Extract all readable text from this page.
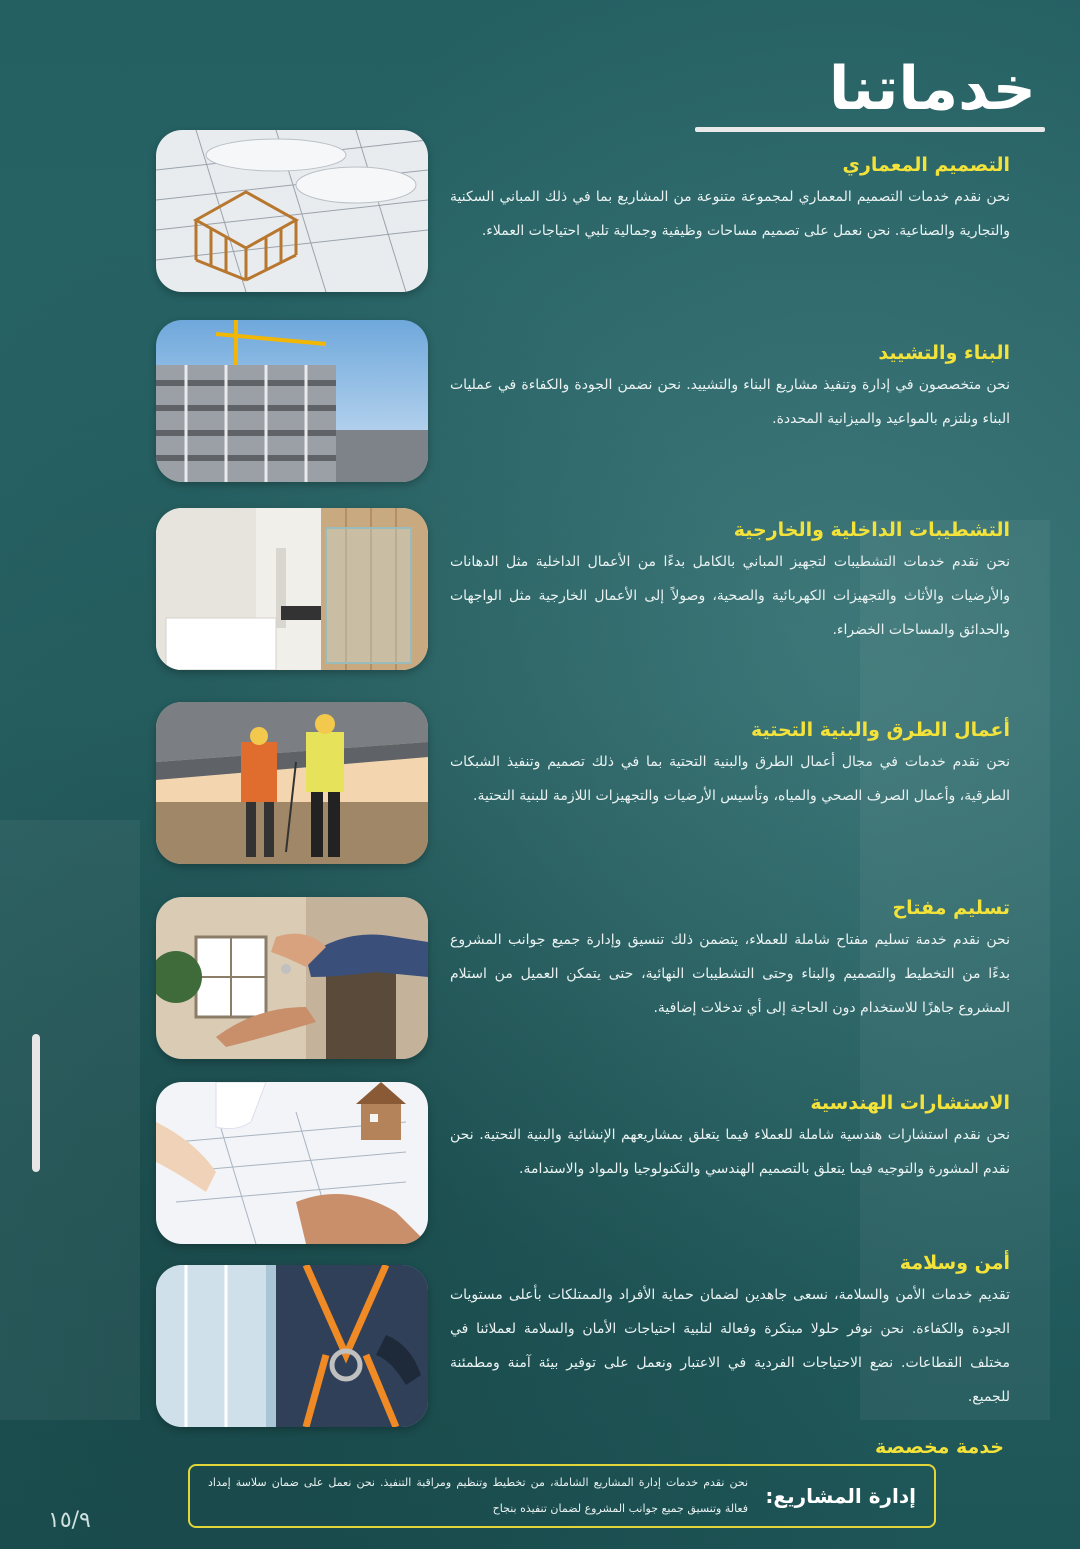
خدماتنا

التصميم المعماري

نحن نقدم خدمات التصميم المعماري لمجموعة متنوعة من المشاريع بما في ذلك المباني السكنية والتجارية والصناعية. نحن نعمل على تصميم مساحات وظيفية وجمالية تلبي احتياجات العملاء.

البناء والتشييد

نحن متخصصون في إدارة وتنفيذ مشاريع البناء والتشييد. نحن نضمن الجودة والكفاءة في عمليات البناء ونلتزم بالمواعيد والميزانية المحددة.

التشطيبات الداخلية والخارجية

نحن نقدم خدمات التشطيبات لتجهيز المباني بالكامل بدءًا من الأعمال الداخلية مثل الدهانات والأرضيات والأثاث والتجهيزات الكهربائية والصحية، وصولاً إلى الأعمال الخارجية مثل الواجهات والحدائق والمساحات الخضراء.

أعمال الطرق والبنية التحتية

نحن نقدم خدمات في مجال أعمال الطرق والبنية التحتية بما في ذلك تصميم وتنفيذ الشبكات الطرقية، وأعمال الصرف الصحي والمياه، وتأسيس الأرضيات والتجهيزات اللازمة للبنية التحتية.

تسليم مفتاح

نحن نقدم خدمة تسليم مفتاح شاملة للعملاء، يتضمن ذلك تنسيق وإدارة جميع جوانب المشروع بدءًا من التخطيط والتصميم والبناء وحتى التشطيبات النهائية، حتى يتمكن العميل من استلام المشروع جاهزًا للاستخدام دون الحاجة إلى أي تدخلات إضافية.

الاستشارات الهندسية

نحن نقدم استشارات هندسية شاملة للعملاء فيما يتعلق بمشاريعهم الإنشائية والبنية التحتية. نحن نقدم المشورة والتوجيه فيما يتعلق بالتصميم الهندسي والتكنولوجيا والمواد والاستدامة.

أمن وسلامة

تقديم خدمات الأمن والسلامة، نسعى جاهدين لضمان حماية الأفراد والممتلكات بأعلى مستويات الجودة والكفاءة. نحن نوفر حلولا مبتكرة وفعالة لتلبية احتياجات الأمان والسلامة لعملائنا في مختلف القطاعات. نضع الاحتياجات الفردية في الاعتبار ونعمل على توفير بيئة آمنة ومطمئنة للجميع.

خدمة مخصصة
إدارة المشاريع:
نحن نقدم خدمات إدارة المشاريع الشاملة، من تخطيط وتنظيم ومراقبة التنفيذ. نحن نعمل على ضمان سلاسة إمداد فعالة وتنسيق جميع جوانب المشروع لضمان تنفيذه بنجاح
١٥/٩
